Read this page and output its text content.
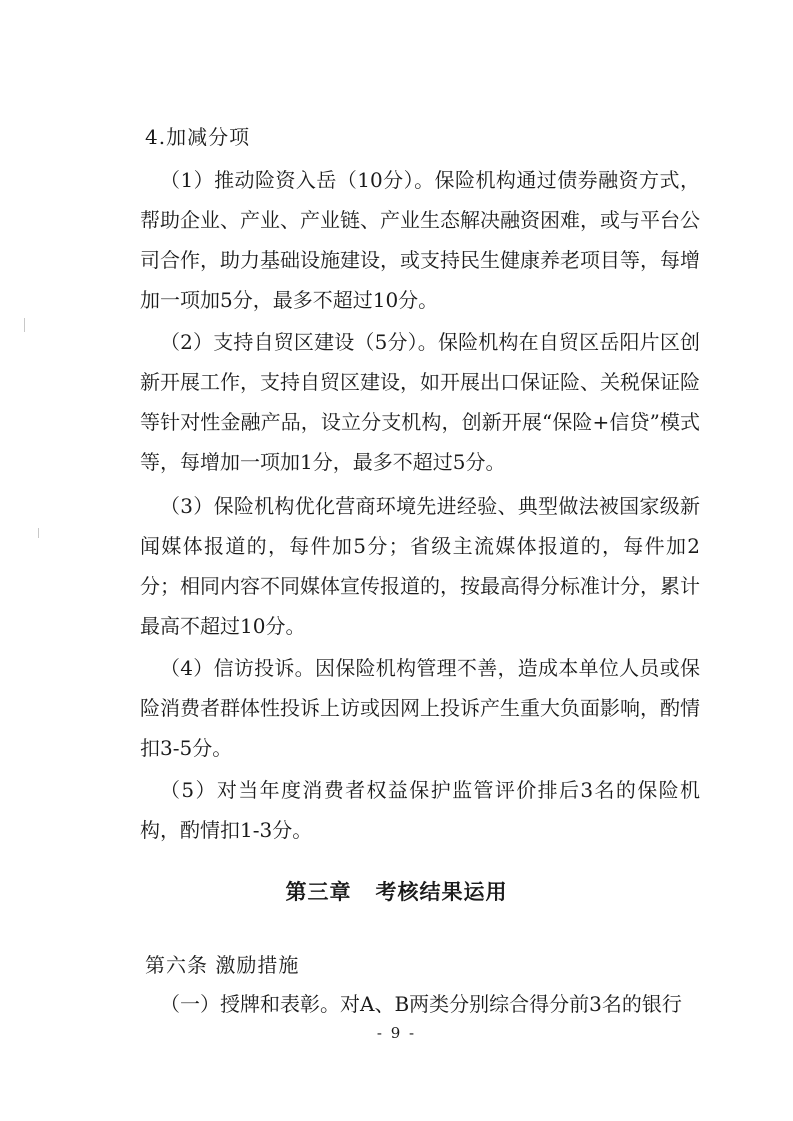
4.加减分项
（1）推动险资入岳（10分）。保险机构通过债券融资方式，帮助企业、产业、产业链、产业生态解决融资困难，或与平台公司合作，助力基础设施建设，或支持民生健康养老项目等，每增加一项加5分，最多不超过10分。
（2）支持自贸区建设（5分）。保险机构在自贸区岳阳片区创新开展工作，支持自贸区建设，如开展出口保证险、关税保证险等针对性金融产品，设立分支机构，创新开展“保险+信贷”模式等，每增加一项加1分，最多不超过5分。
（3）保险机构优化营商环境先进经验、典型做法被国家级新闻媒体报道的，每件加5分；省级主流媒体报道的，每件加2分；相同内容不同媒体宣传报道的，按最高得分标准计分，累计最高不超过10分。
（4）信访投诉。因保险机构管理不善，造成本单位人员或保险消费者群体性投诉上访或因网上投诉产生重大负面影响，酌情扣3-5分。
（5）对当年度消费者权益保护监管评价排后3名的保险机构，酌情扣1-3分。
第三章 考核结果运用
第六条 激励措施
（一）授牌和表彰。对A、B两类分别综合得分前3名的银行
- 9 -
